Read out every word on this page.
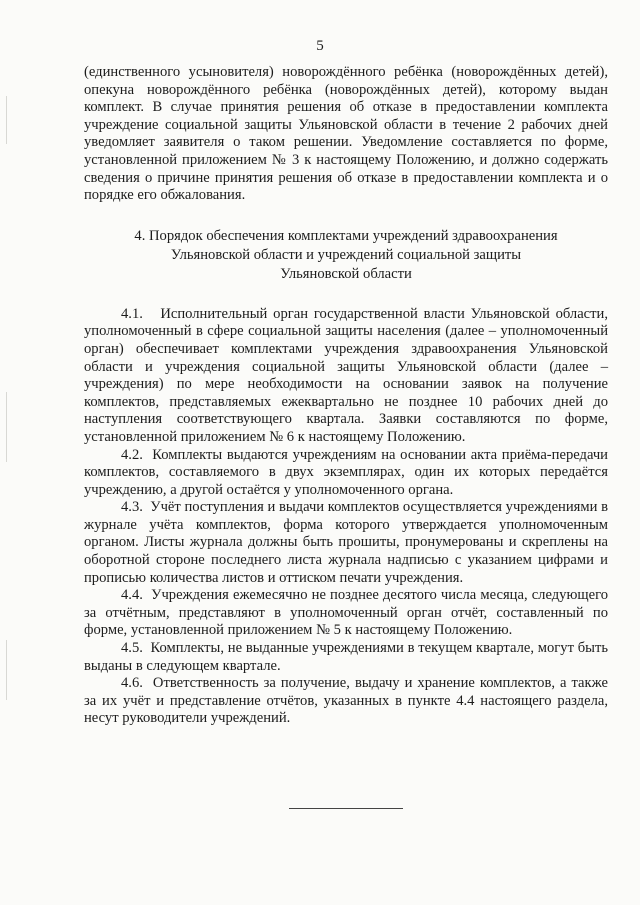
5

(единственного усыновителя) новорождённого ребёнка (новорождённых детей), опекуна новорождённого ребёнка (новорождённых детей), которому выдан комплект. В случае принятия решения об отказе в предоставлении комплекта учреждение социальной защиты Ульяновской области в течение 2 рабочих дней уведомляет заявителя о таком решении. Уведомление составляется по форме, установленной приложением № 3 к настоящему Положению, и должно содержать сведения о причине принятия решения об отказе в предоставлении комплекта и о порядке его обжалования.

4. Порядок обеспечения комплектами учреждений здравоохранения
Ульяновской области и учреждений социальной защиты
Ульяновской области

4.1. Исполнительный орган государственной власти Ульяновской области, уполномоченный в сфере социальной защиты населения (далее – уполномоченный орган) обеспечивает комплектами учреждения здравоохранения Ульяновской области и учреждения социальной защиты Ульяновской области (далее – учреждения) по мере необходимости на основании заявок на получение комплектов, представляемых ежеквартально не позднее 10 рабочих дней до наступления соответствующего квартала. Заявки составляются по форме, установленной приложением № 6 к настоящему Положению.

4.2. Комплекты выдаются учреждениям на основании акта приёма-передачи комплектов, составляемого в двух экземплярах, один их которых передаётся учреждению, а другой остаётся у уполномоченного органа.

4.3. Учёт поступления и выдачи комплектов осуществляется учреждениями в журнале учёта комплектов, форма которого утверждается уполномоченным органом. Листы журнала должны быть прошиты, пронумерованы и скреплены на оборотной стороне последнего листа журнала надписью с указанием цифрами и прописью количества листов и оттиском печати учреждения.

4.4. Учреждения ежемесячно не позднее десятого числа месяца, следующего за отчётным, представляют в уполномоченный орган отчёт, составленный по форме, установленной приложением № 5 к настоящему Положению.

4.5. Комплекты, не выданные учреждениями в текущем квартале, могут быть выданы в следующем квартале.

4.6. Ответственность за получение, выдачу и хранение комплектов, а также за их учёт и представление отчётов, указанных в пункте 4.4 настоящего раздела, несут руководители учреждений.
